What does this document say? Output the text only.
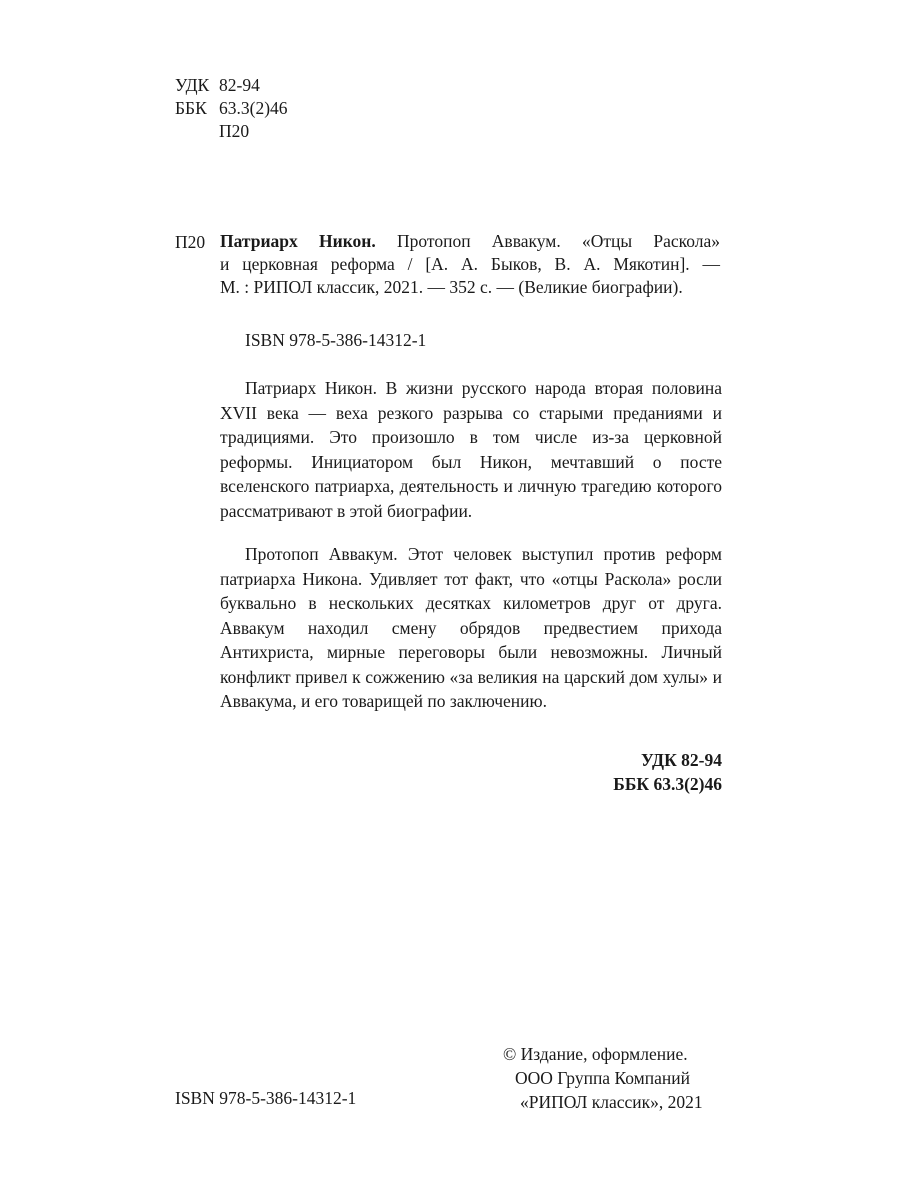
УДК 82-94
ББК 63.3(2)46
П20
П20 Патриарх Никон. Протопоп Аввакум. «Отцы Раскола»
и церковная реформа / [А. А. Быков, В. А. Мякотин]. —
М. : РИПОЛ классик, 2021. — 352 с. — (Великие биографии).
ISBN 978-5-386-14312-1

Патриарх Никон. В жизни русского народа вторая половина XVII века — веха резкого разрыва со старыми преданиями и традициями. Это произошло в том числе из-за церковной реформы. Инициатором был Никон, мечтавший о посте вселенского патриарха, деятельность и личную трагедию которого рассматривают в этой биографии.

Протопоп Аввакум. Этот человек выступил против реформ патриарха Никона. Удивляет тот факт, что «отцы Раскола» росли буквально в нескольких десятках километров друг от друга. Аввакум находил смену обрядов предвестием прихода Антихриста, мирные переговоры были невозможны. Личный конфликт привел к сожжению «за великия на царский дом хулы» и Аввакума, и его товарищей по заключению.

УДК 82-94
ББК 63.3(2)46
ISBN 978-5-386-14312-1
© Издание, оформление.
ООО Группа Компаний
«РИПОЛ классик», 2021
